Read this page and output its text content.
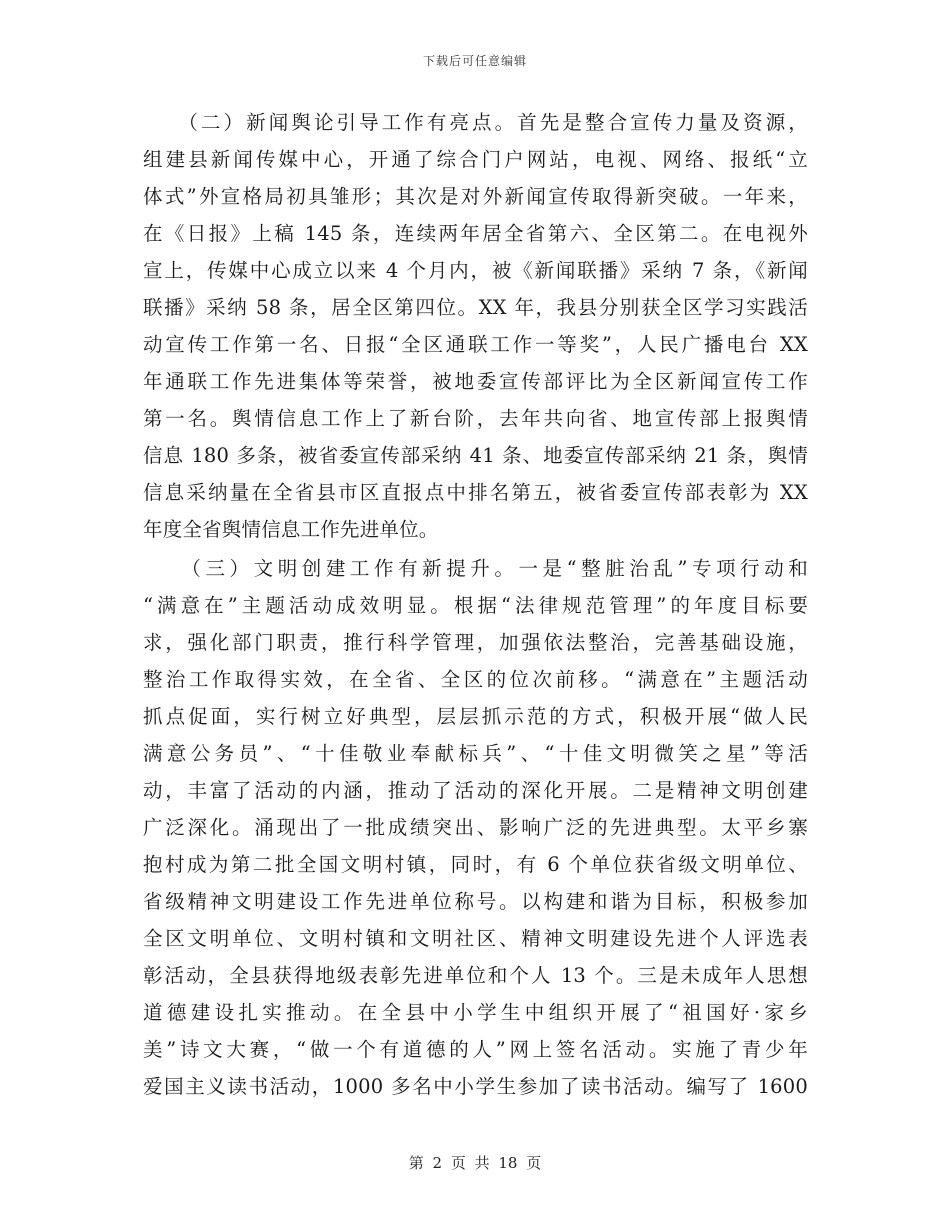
下载后可任意编辑
　　（二）新闻舆论引导工作有亮点。首先是整合宣传力量及资源，
组建县新闻传媒中心，开通了综合门户网站，电视、网络、报纸“立
体式”外宣格局初具雏形；其次是对外新闻宣传取得新突破。一年来，
在《日报》上稿 145 条，连续两年居全省第六、全区第二。在电视外
宣上，传媒中心成立以来 4 个月内，被《新闻联播》采纳 7 条，《新闻
联播》采纳 58 条，居全区第四位。XX 年，我县分别获全区学习实践活
动宣传工作第一名、日报“全区通联工作一等奖”，人民广播电台 XX
年通联工作先进集体等荣誉，被地委宣传部评比为全区新闻宣传工作
第一名。舆情信息工作上了新台阶，去年共向省、地宣传部上报舆情
信息 180 多条，被省委宣传部采纳 41 条、地委宣传部采纳 21 条，舆情
信息采纳量在全省县市区直报点中排名第五，被省委宣传部表彰为 XX
年度全省舆情信息工作先进单位。
　　（三）文明创建工作有新提升。一是“整脏治乱”专项行动和
“满意在”主题活动成效明显。根据“法律规范管理”的年度目标要
求，强化部门职责，推行科学管理，加强依法整治，完善基础设施，
整治工作取得实效，在全省、全区的位次前移。“满意在”主题活动
抓点促面，实行树立好典型，层层抓示范的方式，积极开展“做人民
满意公务员”、“十佳敬业奉献标兵”、“十佳文明微笑之星”等活
动，丰富了活动的内涵，推动了活动的深化开展。二是精神文明创建
广泛深化。涌现出了一批成绩突出、影响广泛的先进典型。太平乡寨
抱村成为第二批全国文明村镇，同时，有 6 个单位获省级文明单位、
省级精神文明建设工作先进单位称号。以构建和谐为目标，积极参加
全区文明单位、文明村镇和文明社区、精神文明建设先进个人评选表
彰活动，全县获得地级表彰先进单位和个人 13 个。三是未成年人思想
道德建设扎实推动。在全县中小学生中组织开展了“祖国好·家乡
美”诗文大赛，“做一个有道德的人”网上签名活动。实施了青少年
爱国主义读书活动，1000 多名中小学生参加了读书活动。编写了 1600
第 2 页 共 18 页
